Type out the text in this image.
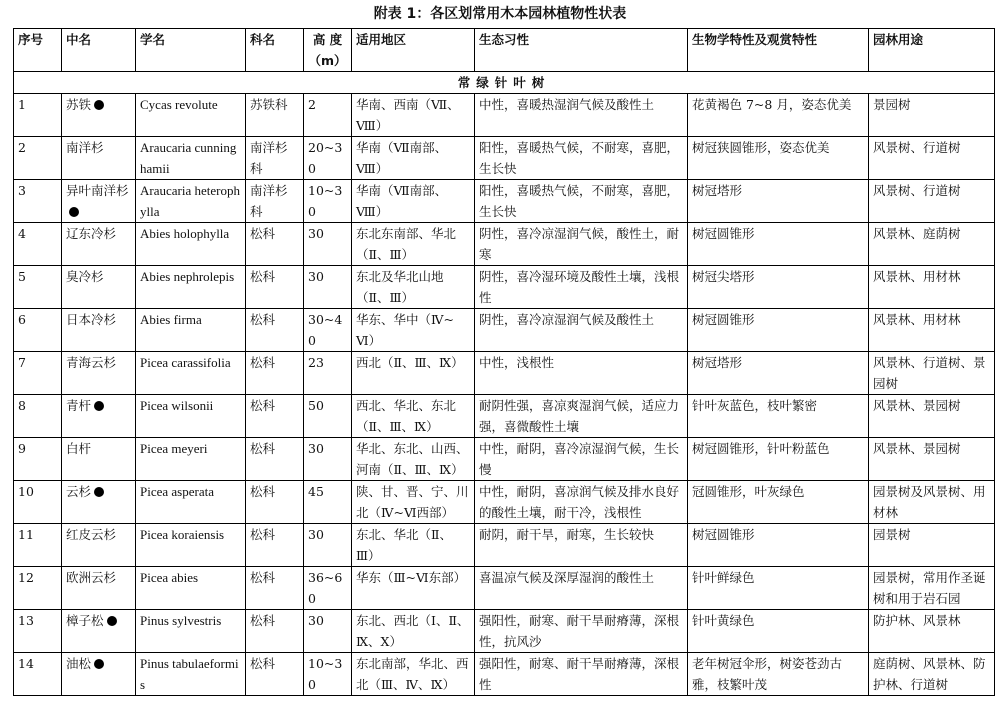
附表 1：各区划常用木本园林植物性状表
序号	中名	学名	科名	高 度（m）	适用地区	生态习性	生物学特性及观赏特性	园林用途
常绿针叶树								
1	苏铁	Cycas revolute	苏铁科	2	华南、西南（Ⅶ、Ⅷ）	中性，喜暖热湿润气候及酸性土	花黄褐色 7~8 月，姿态优美	景园树
2	南洋杉	Araucaria cunninghamii	南洋杉科	20~30	华南（Ⅶ南部、Ⅷ）	阳性，喜暖热气候，不耐寒，喜肥，生长快	树冠狭圆锥形，姿态优美	风景树、行道树
3	异叶南洋杉	Araucaria heterophylla	南洋杉科	10~30	华南（Ⅶ南部、Ⅷ）	阳性，喜暖热气候，不耐寒，喜肥，生长快	树冠塔形	风景树、行道树
4	辽东冷杉	Abies holophylla	松科	30	东北东南部、华北（Ⅱ、Ⅲ）	阴性，喜冷凉湿润气候，酸性土，耐寒	树冠圆锥形	风景林、庭荫树
5	臭冷杉	Abies nephrolepis	松科	30	东北及华北山地（Ⅱ、Ⅲ）	阴性，喜冷湿环境及酸性土壤，浅根性	树冠尖塔形	风景林、用材林
6	日本冷杉	Abies firma	松科	30~40	华东、华中（Ⅳ~Ⅵ）	阴性，喜冷凉湿润气候及酸性土	树冠圆锥形	风景林、用材林
7	青海云杉	Picea carassifolia	松科	23	西北（Ⅱ、Ⅲ、Ⅸ）	中性，浅根性	树冠塔形	风景林、行道树、景园树
8	青杆	Picea wilsonii	松科	50	西北、华北、东北（Ⅱ、Ⅲ、Ⅸ）	耐阴性强，喜凉爽湿润气候，适应力强，喜微酸性土壤	针叶灰蓝色，枝叶繁密	风景林、景园树
9	白杆	Picea meyeri	松科	30	华北、东北、山西、河南（Ⅱ、Ⅲ、Ⅸ）	中性，耐阴，喜冷凉湿润气候，生长慢	树冠圆锥形，针叶粉蓝色	风景林、景园树
10	云杉	Picea asperata	松科	45	陕、甘、晋、宁、川北（Ⅳ~Ⅵ西部）	中性，耐阴，喜凉润气候及排水良好的酸性土壤，耐干冷，浅根性	冠圆锥形，叶灰绿色	园景树及风景树、用材林
11	红皮云杉	Picea koraiensis	松科	30	东北、华北（Ⅱ、Ⅲ）	耐阴，耐干旱，耐寒，生长较快	树冠圆锥形	园景树
12	欧洲云杉	Picea abies	松科	36~60	华东（Ⅲ~Ⅵ东部）	喜温凉气候及深厚湿润的酸性土	针叶鲜绿色	园景树，常用作圣诞树和用于岩石园
13	樟子松	Pinus sylvestris	松科	30	东北、西北（Ⅰ、Ⅱ、Ⅸ、Ⅹ）	强阳性，耐寒、耐干旱耐瘠薄，深根性，抗风沙	针叶黄绿色	防护林、风景林
14	油松	Pinus tabulaeformis	松科	10~30	东北南部，华北、西北（Ⅲ、Ⅳ、Ⅸ）	强阳性，耐寒、耐干旱耐瘠薄，深根性	老年树冠伞形，树姿苍劲古雅，枝繁叶茂	庭荫树、风景林、防护林、行道树
